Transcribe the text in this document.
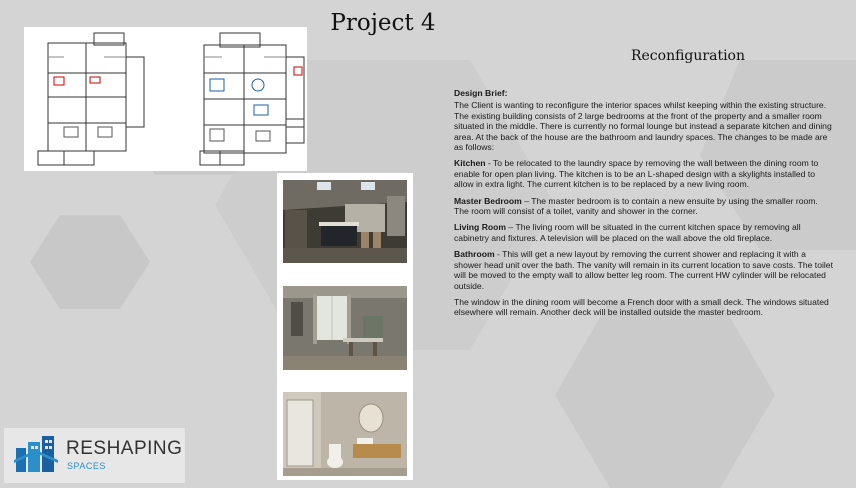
Project 4
Reconfiguration
Design Brief:

The Client is wanting to reconfigure the interior spaces whilst keeping within the existing structure. The existing building consists of 2 large bedrooms at the front of the property and a smaller room situated in the middle. There is currently no formal lounge but instead a separate kitchen and dining area. At the back of the house are the bathroom and laundry spaces. The changes to be made are as follows:

Kitchen - To be relocated to the laundry space by removing the wall between the dining room to enable for open plan living. The kitchen is to be an L-shaped design with a skylights installed to allow in extra light. The current kitchen is to be replaced by a new living room.

Master Bedroom – The master bedroom is to contain a new ensuite by using the smaller room. The room will consist of a toilet, vanity and shower in the corner.

Living Room – The living room will be situated in the current kitchen space by removing all cabinetry and fixtures. A television will be placed on the wall above the old fireplace.

Bathroom - This will get a new layout by removing the current shower and replacing it with a shower head unit over the bath. The vanity will remain in its current location to save costs. The toilet will be moved to the empty wall to allow better leg room. The current HW cylinder will be relocated outside.

The window in the dining room will become a French door with a small deck. The windows situated elsewhere will remain. Another deck will be installed outside the master bedroom.

RESHAPING
SPACES
